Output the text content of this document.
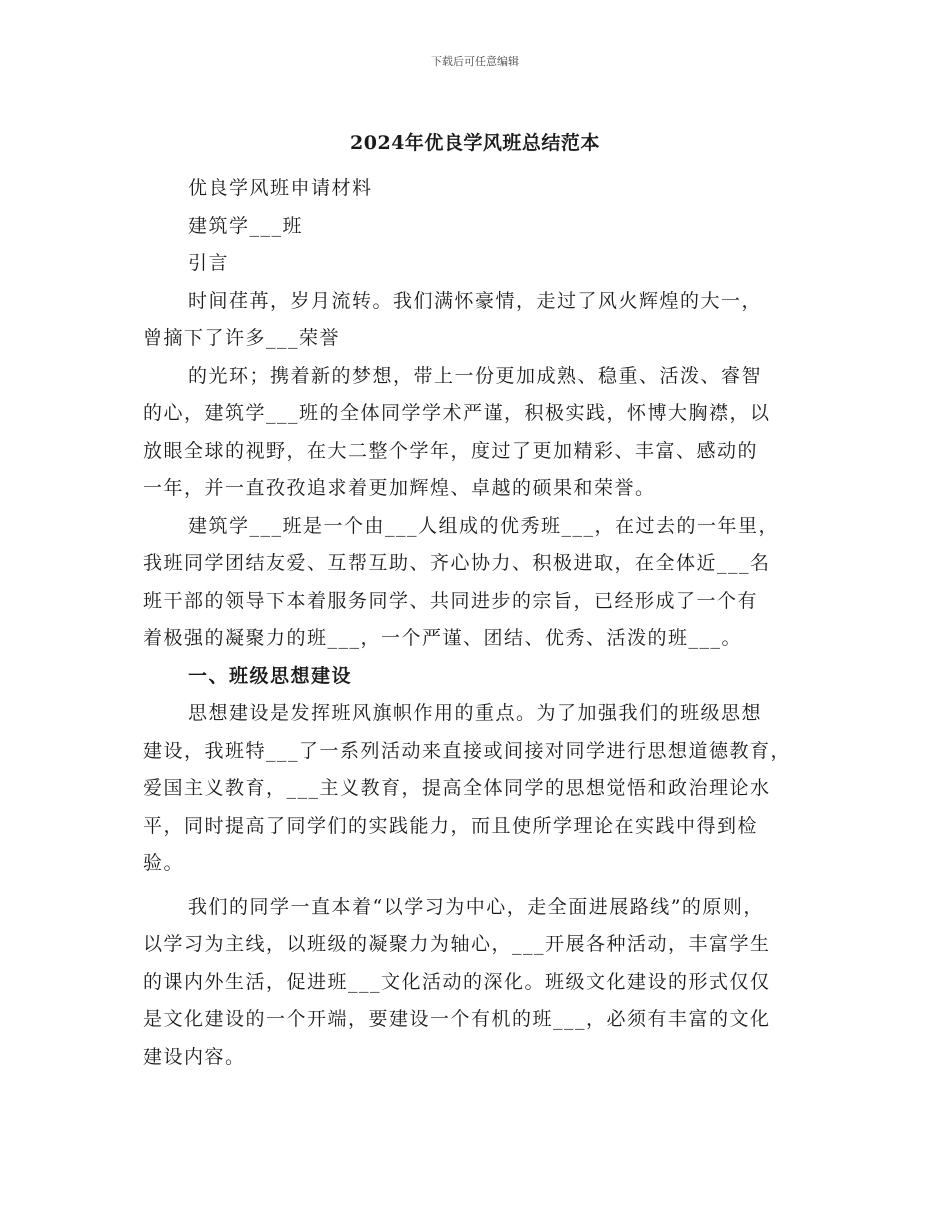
下载后可任意编辑
2024年优良学风班总结范本
优良学风班申请材料
建筑学___班
引言
时间荏苒，岁月流转。我们满怀豪情，走过了风火辉煌的大一，
曾摘下了许多___荣誉
的光环；携着新的梦想，带上一份更加成熟、稳重、活泼、睿智
的心，建筑学___班的全体同学学术严谨，积极实践，怀博大胸襟，以
放眼全球的视野，在大二整个学年，度过了更加精彩、丰富、感动的
一年，并一直孜孜追求着更加辉煌、卓越的硕果和荣誉。
建筑学___班是一个由___人组成的优秀班___，在过去的一年里，
我班同学团结友爱、互帮互助、齐心协力、积极进取，在全体近___名
班干部的领导下本着服务同学、共同进步的宗旨，已经形成了一个有
着极强的凝聚力的班___，一个严谨、团结、优秀、活泼的班___。
一、班级思想建设
思想建设是发挥班风旗帜作用的重点。为了加强我们的班级思想
建设，我班特___了一系列活动来直接或间接对同学进行思想道德教育，
爱国主义教育，___主义教育，提高全体同学的思想觉悟和政治理论水
平，同时提高了同学们的实践能力，而且使所学理论在实践中得到检
验。
我们的同学一直本着“以学习为中心，走全面进展路线”的原则，
以学习为主线，以班级的凝聚力为轴心，___开展各种活动，丰富学生
的课内外生活，促进班___文化活动的深化。班级文化建设的形式仅仅
是文化建设的一个开端，要建设一个有机的班___，必须有丰富的文化
建设内容。
